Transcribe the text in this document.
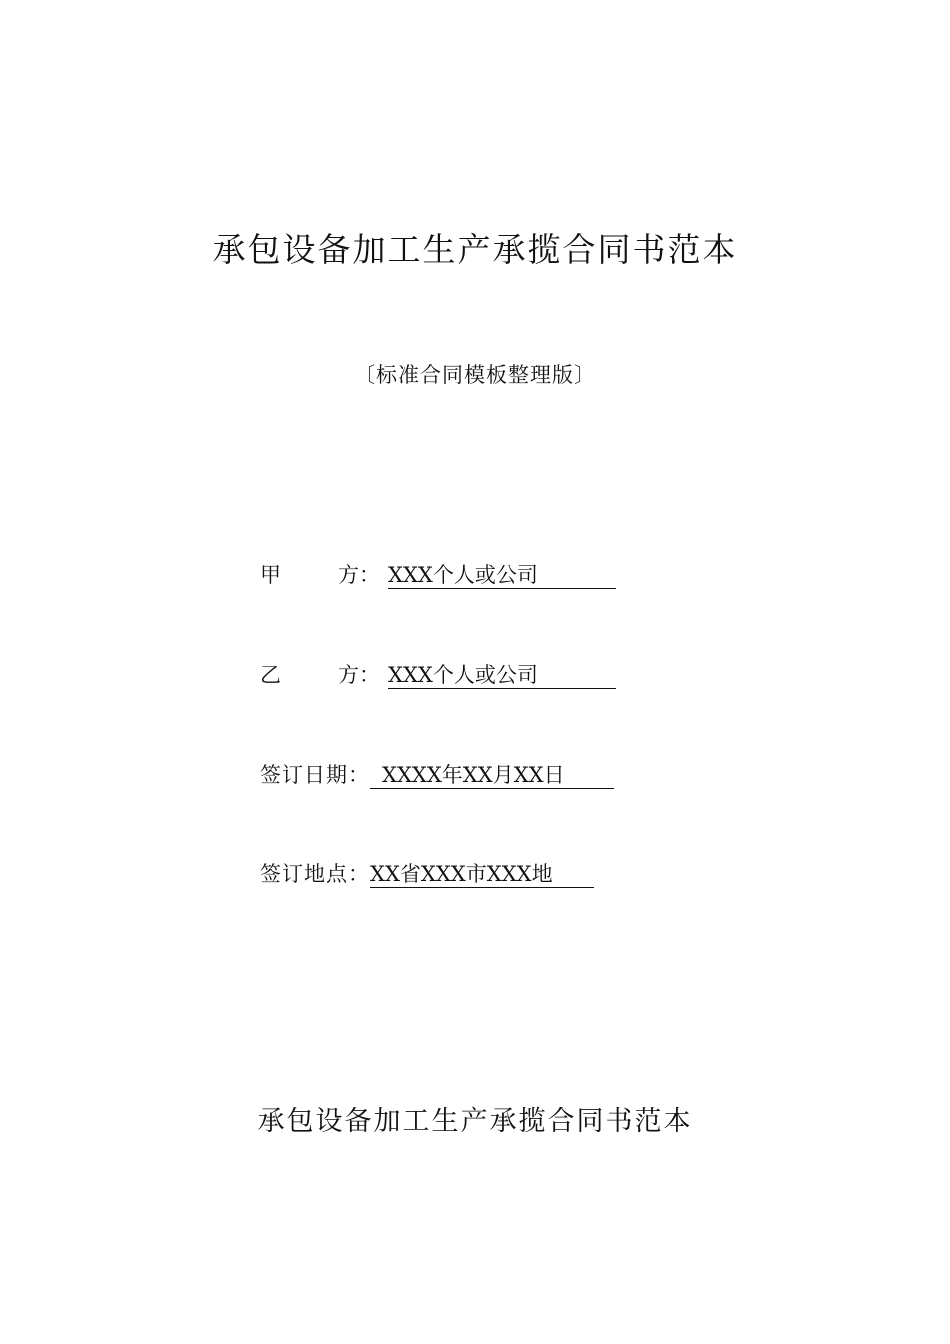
承包设备加工生产承揽合同书范本
〔标准合同模板整理版〕
甲	方： XXX个人或公司
乙	方： XXX个人或公司
签订日期： XXXX年XX月XX日
签订地点：XX省XXX市XXX地
承包设备加工生产承揽合同书范本
